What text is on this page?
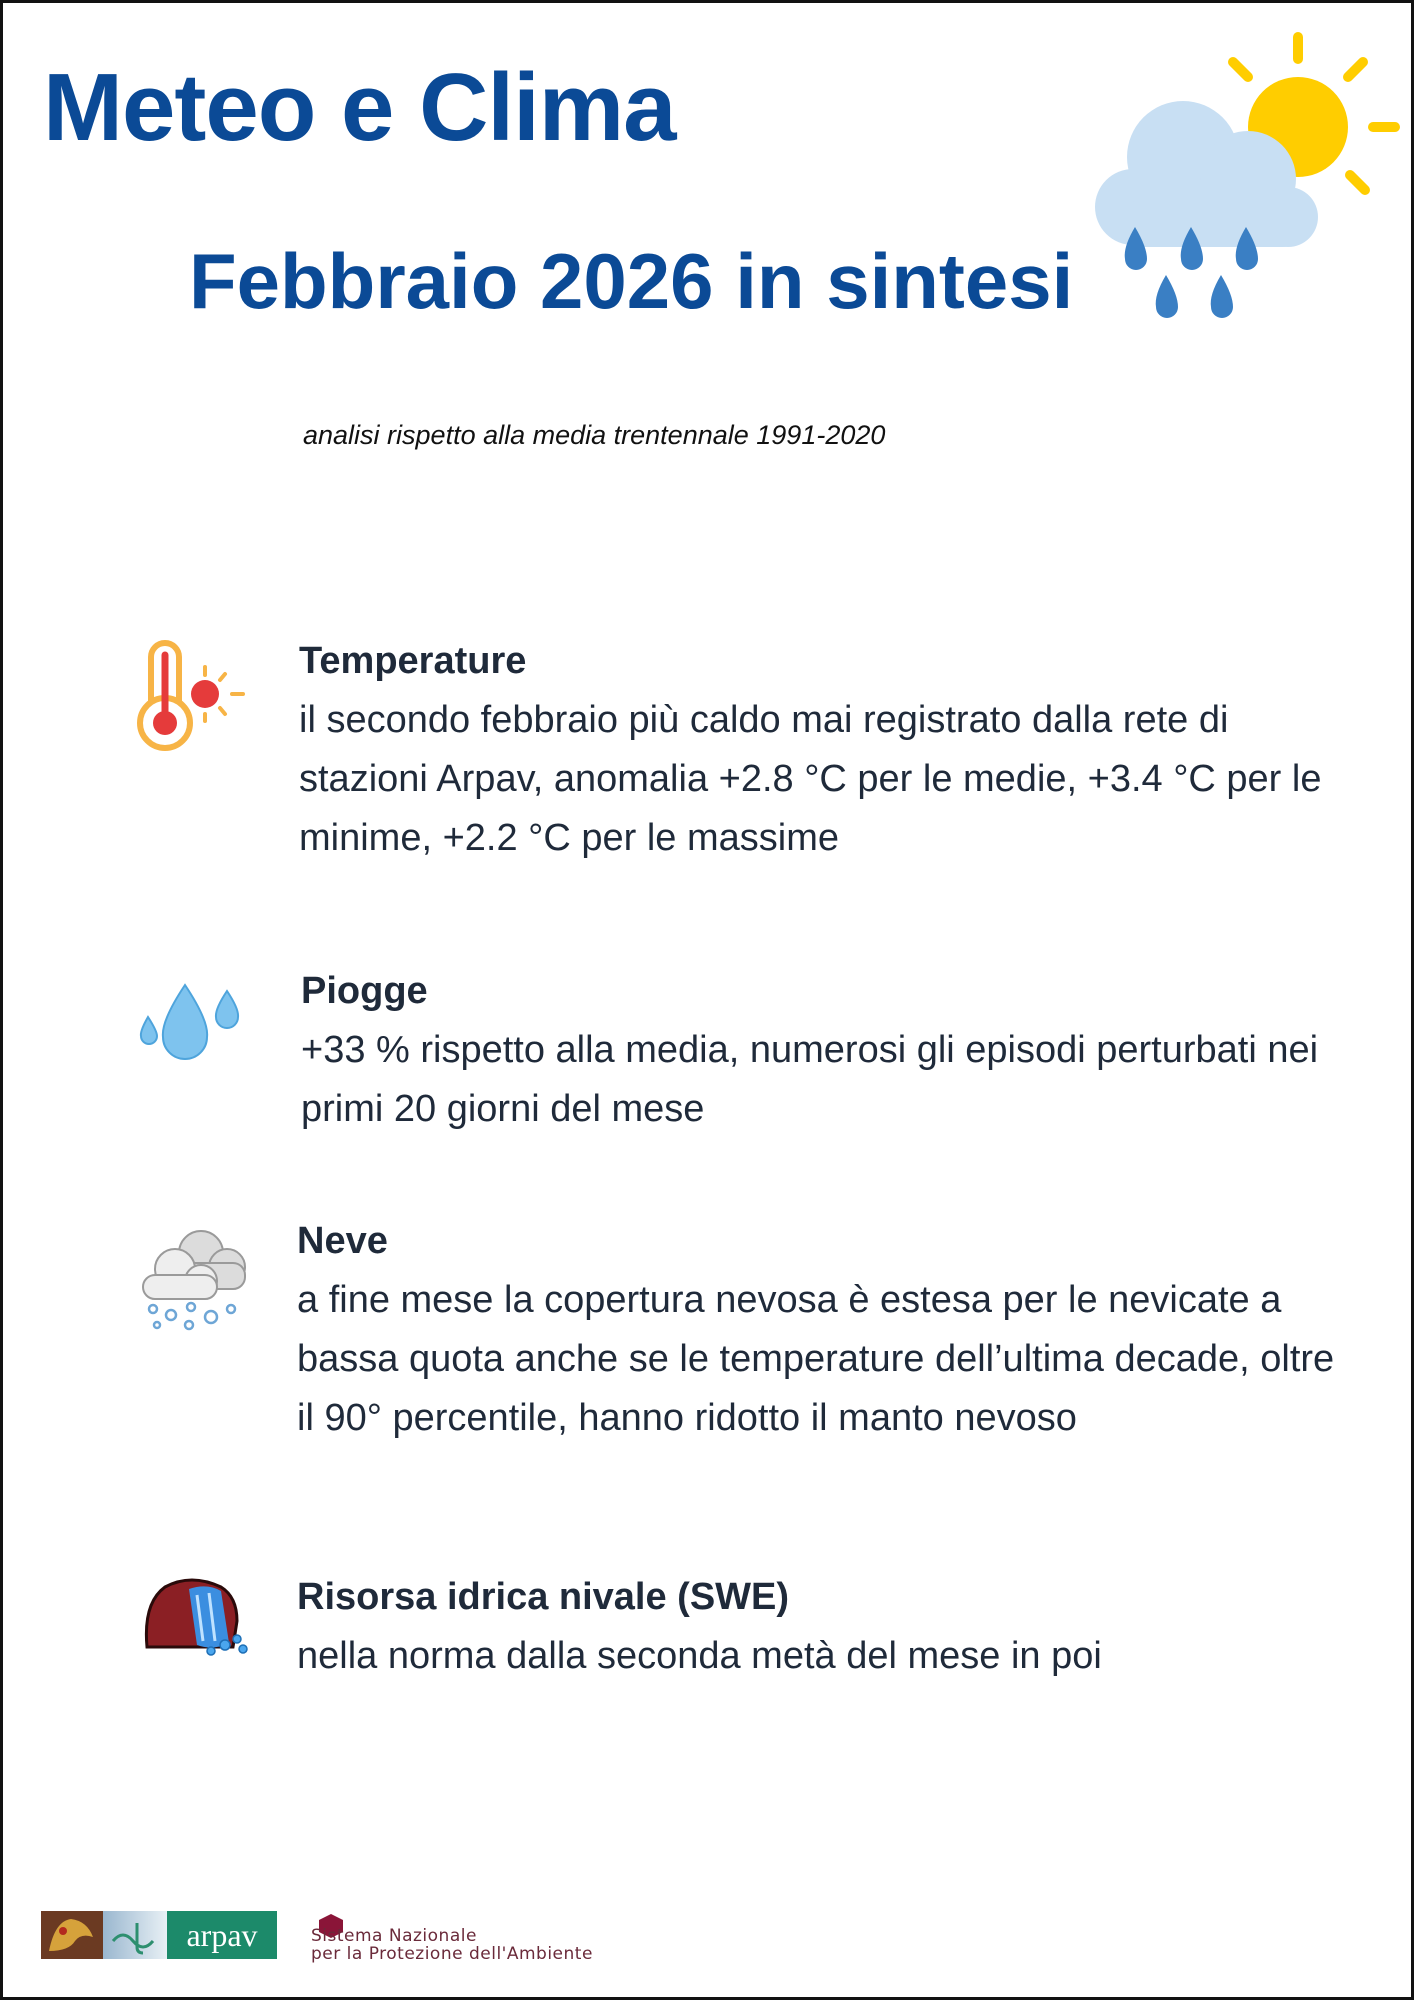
Meteo e Clima
Febbraio 2026 in sintesi
analisi rispetto alla media trentennale 1991-2020
Temperature
il secondo febbraio più caldo mai registrato dalla rete di stazioni Arpav, anomalia +2.8 °C per le medie, +3.4 °C per le minime, +2.2 °C per le massime
Piogge
+33 % rispetto alla media, numerosi gli episodi perturbati nei primi 20 giorni del mese
Neve
a fine mese la copertura nevosa è estesa per le nevicate a bassa quota anche se le temperature dell’ultima decade, oltre il 90° percentile, hanno ridotto il manto nevoso
Risorsa idrica nivale (SWE)
nella norma dalla seconda metà del mese in poi
arpav	Sistema Nazionale
per la Protezione dell'Ambiente
